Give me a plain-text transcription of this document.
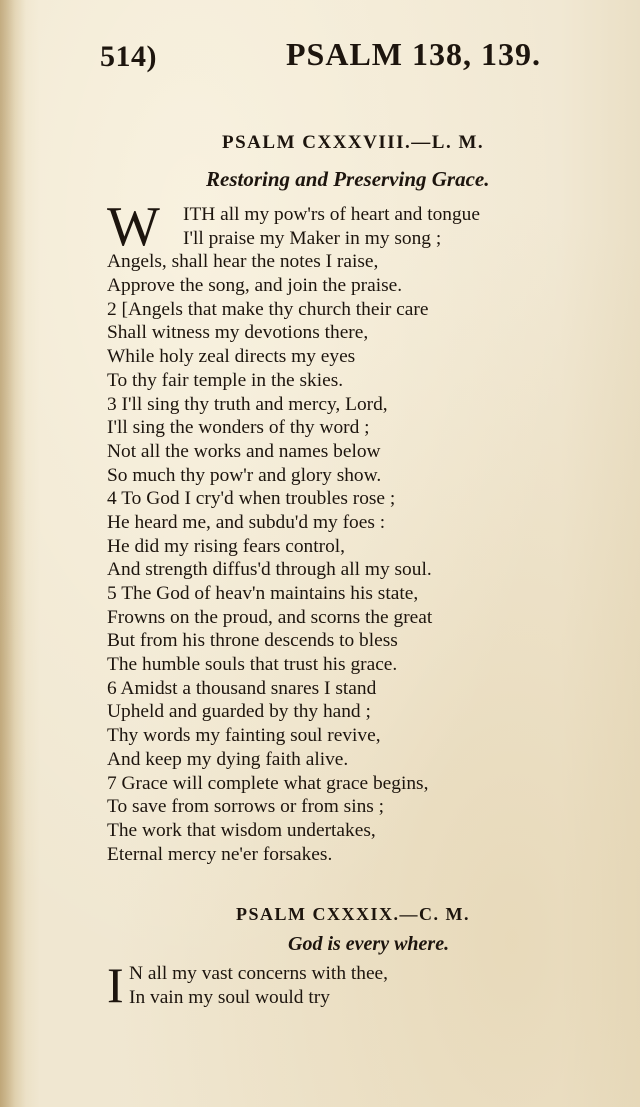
514)	PSALM 138, 139.
PSALM CXXXVIII.—L. M.
Restoring and Preserving Grace.
W	ITH all my pow'rs of heart and tongue
I'll praise my Maker in my song ;
Angels, shall hear the notes I raise,
Approve the song, and join the praise.
2 [Angels that make thy church their care
Shall witness my devotions there,
While holy zeal directs my eyes
To thy fair temple in the skies.
3 I'll sing thy truth and mercy, Lord,
I'll sing the wonders of thy word ;
Not all the works and names below
So much thy pow'r and glory show.
4 To God I cry'd when troubles rose ;
He heard me, and subdu'd my foes :
He did my rising fears control,
And strength diffus'd through all my soul.
5 The God of heav'n maintains his state,
Frowns on the proud, and scorns the great
But from his throne descends to bless
The humble souls that trust his grace.
6 Amidst a thousand snares I stand
Upheld and guarded by thy hand ;
Thy words my fainting soul revive,
And keep my dying faith alive.
7 Grace will complete what grace begins,
To save from sorrows or from sins ;
The work that wisdom undertakes,
Eternal mercy ne'er forsakes.
PSALM CXXXIX.—C. M.
God is every where.
I N all my vast concerns with thee,
In vain my soul would try
